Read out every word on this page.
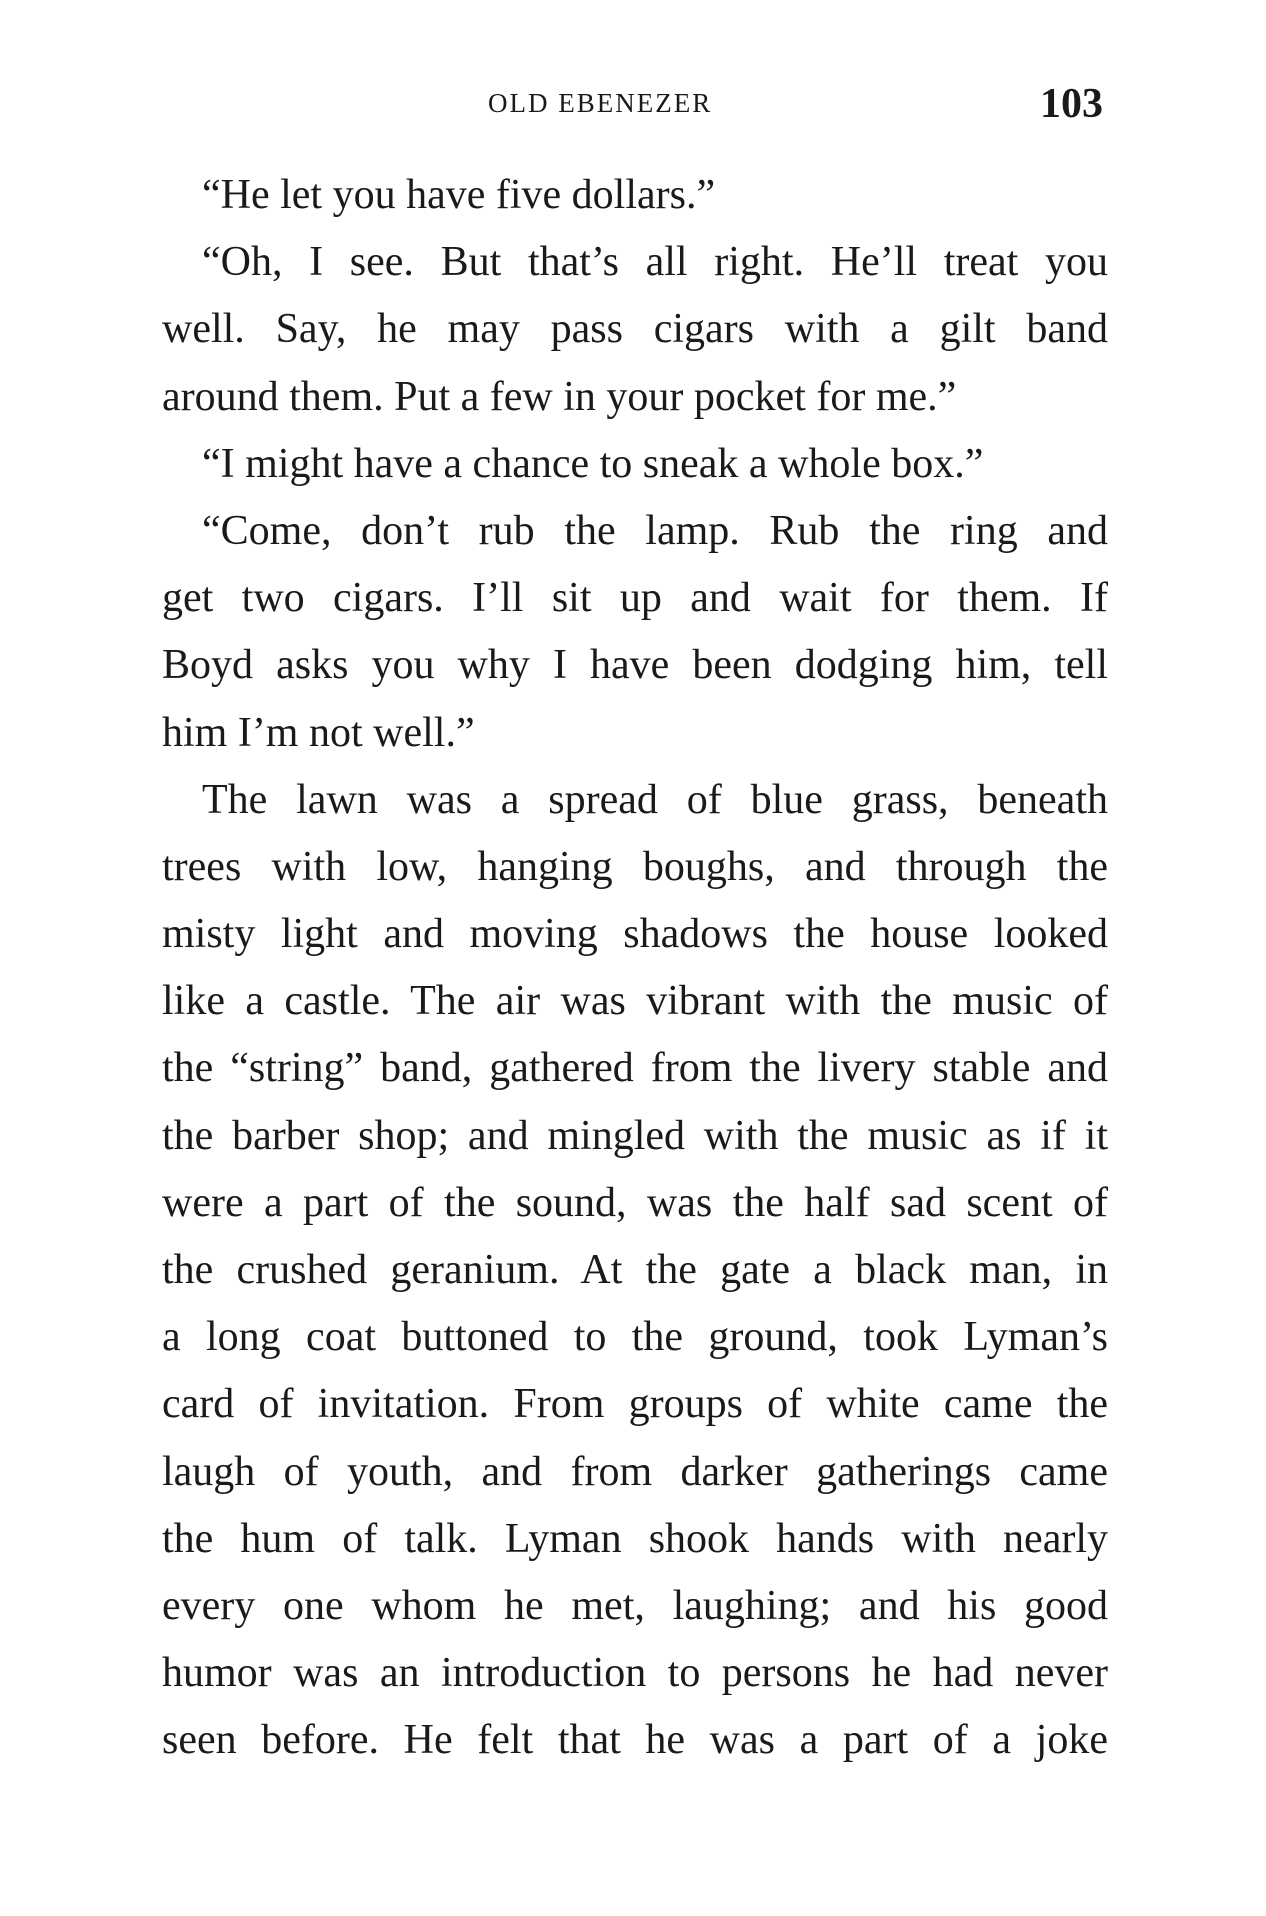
OLD EBENEZER	103
“He let you have five dollars.”
“Oh, I see. But that’s all right. He’ll treat you
well. Say, he may pass cigars with a gilt band
around them. Put a few in your pocket for me.”
“I might have a chance to sneak a whole box.”
“Come, don’t rub the lamp. Rub the ring and
get two cigars. I’ll sit up and wait for them. If
Boyd asks you why I have been dodging him, tell
him I’m not well.”
The lawn was a spread of blue grass, beneath
trees with low, hanging boughs, and through the
misty light and moving shadows the house looked
like a castle. The air was vibrant with the music of
the “string” band, gathered from the livery stable and
the barber shop; and mingled with the music as if it
were a part of the sound, was the half sad scent of
the crushed geranium. At the gate a black man, in
a long coat buttoned to the ground, took Lyman’s
card of invitation. From groups of white came the
laugh of youth, and from darker gatherings came
the hum of talk. Lyman shook hands with nearly
every one whom he met, laughing; and his good
humor was an introduction to persons he had never
seen before. He felt that he was a part of a joke
